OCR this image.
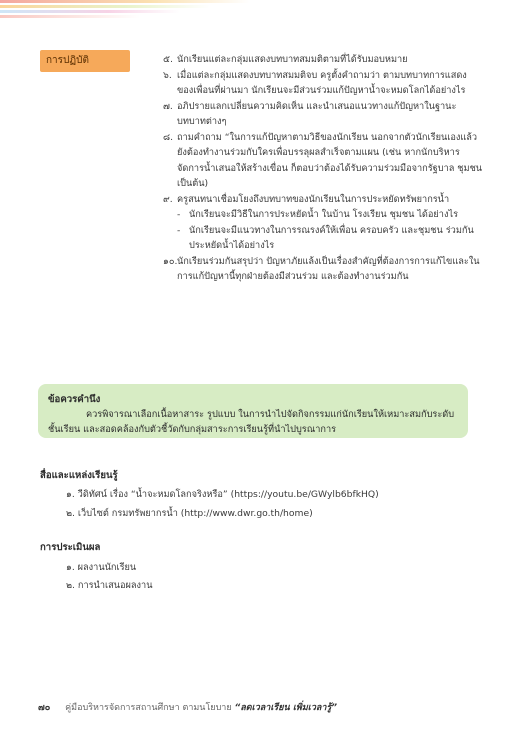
การปฏิบัติ	๕. นักเรียนแต่ละกลุ่มแสดงบทบาทสมมติตามที่ได้รับมอบหมาย
๖. เมื่อแต่ละกลุ่มแสดงบทบาทสมมติจบ ครูตั้งคำถามว่า ตามบทบาทการแสดงของเพื่อนที่ผ่านมา นักเรียนจะมีส่วนร่วมแก้ปัญหาน้ำจะหมดโลกได้อย่างไร
๗. อภิปรายแลกเปลี่ยนความคิดเห็น และนำเสนอแนวทางแก้ปัญหาในฐานะบทบาทต่างๆ
๘. ถามคำถาม “ในการแก้ปัญหาตามวิธีของนักเรียน นอกจากตัวนักเรียนเองแล้ว ยังต้องทำงานร่วมกับใครเพื่อบรรลุผลสำเร็จตามแผน (เช่น หากนักบริหารจัดการน้ำเสนอให้สร้างเขื่อน ก็ตอบว่าต้องได้รับความร่วมมือจากรัฐบาล ชุมชน เป็นต้น)
๙. ครูสนทนาเชื่อมโยงถึงบทบาทของนักเรียนในการประหยัดทรัพยากรน้ำ
- นักเรียนจะมีวิธีในการประหยัดน้ำ ในบ้าน โรงเรียน ชุมชน ได้อย่างไร
- นักเรียนจะมีแนวทางในการรณรงค์ให้เพื่อน ครอบครัว และชุมชน ร่วมกันประหยัดน้ำได้อย่างไร
๑๐. นักเรียนร่วมกันสรุปว่า ปัญหาภัยแล้งเป็นเรื่องสำคัญที่ต้องการการแก้ไขและในการแก้ปัญหานี้ทุกฝ่ายต้องมีส่วนร่วม และต้องทำงานร่วมกัน
ข้อควรคำนึง
ควรพิจารณาเลือกเนื้อหาสาระ รูปแบบ ในการนำไปจัดกิจกรรมแก่นักเรียนให้เหมาะสมกับระดับชั้นเรียน และสอดคล้องกับตัวชี้วัดกับกลุ่มสาระการเรียนรู้ที่นำไปบูรณาการ
สื่อและแหล่งเรียนรู้
๑. วีดิทัศน์ เรื่อง “น้ำจะหมดโลกจริงหรือ” (https://youtu.be/GWylb6bfkHQ)
๒. เว็บไซต์ กรมทรัพยากรน้ำ (http://www.dwr.go.th/home)
การประเมินผล
๑. ผลงานนักเรียน
๒. การนำเสนอผลงาน
๗๐ คู่มือบริหารจัดการสถานศึกษา ตามนโยบาย “ลดเวลาเรียน เพิ่มเวลารู้”
